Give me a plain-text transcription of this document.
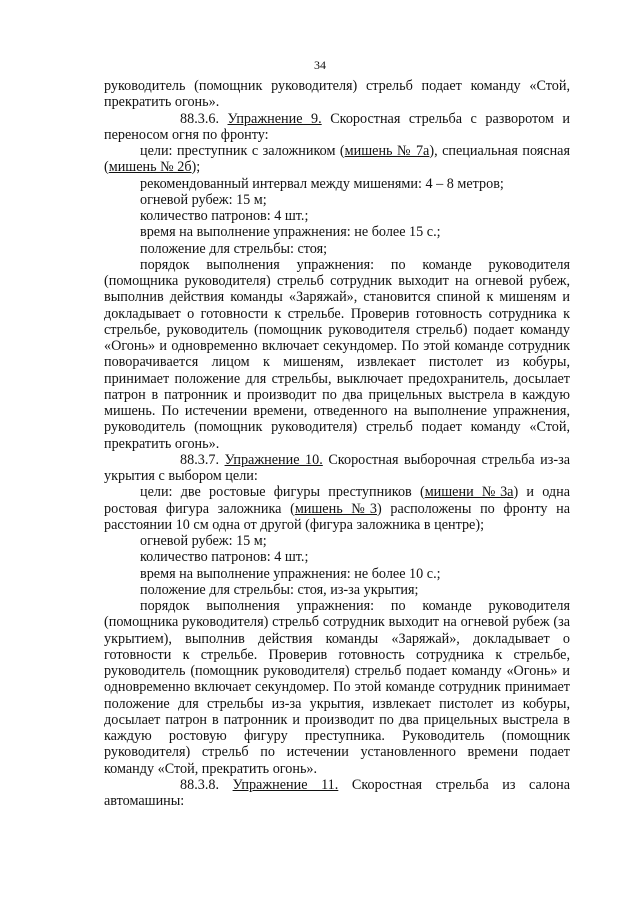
34

руководитель (помощник руководителя) стрельб подает команду «Стой, прекратить огонь».

88.3.6. Упражнение 9. Скоростная стрельба с разворотом и переносом огня по фронту:

цели: преступник с заложником (мишень № 7а), специальная поясная (мишень № 2б);

рекомендованный интервал между мишенями: 4 – 8 метров;

огневой рубеж: 15 м;

количество патронов: 4 шт.;

время на выполнение упражнения: не более 15 с.;

положение для стрельбы: стоя;

порядок выполнения упражнения: по команде руководителя (помощника руководителя) стрельб сотрудник выходит на огневой рубеж, выполнив действия команды «Заряжай», становится спиной к мишеням и докладывает о готовности к стрельбе. Проверив готовность сотрудника к стрельбе, руководитель (помощник руководителя стрельб) подает команду «Огонь» и одновременно включает секундомер. По этой команде сотрудник поворачивается лицом к мишеням, извлекает пистолет из кобуры, принимает положение для стрельбы, выключает предохранитель, досылает патрон в патронник и производит по два прицельных выстрела в каждую мишень. По истечении времени, отведенного на выполнение упражнения, руководитель (помощник руководителя) стрельб подает команду «Стой, прекратить огонь».

88.3.7. Упражнение 10. Скоростная выборочная стрельба из-за укрытия с выбором цели:

цели: две ростовые фигуры преступников (мишени №3а) и одна ростовая фигура заложника (мишень №3) расположены по фронту на расстоянии 10 см одна от другой (фигура заложника в центре);

огневой рубеж: 15 м;

количество патронов: 4 шт.;

время на выполнение упражнения: не более 10 с.;

положение для стрельбы: стоя, из-за укрытия;

порядок выполнения упражнения: по команде руководителя (помощника руководителя) стрельб сотрудник выходит на огневой рубеж (за укрытием), выполнив действия команды «Заряжай», докладывает о готовности к стрельбе. Проверив готовность сотрудника к стрельбе, руководитель (помощник руководителя) стрельб подает команду «Огонь» и одновременно включает секундомер. По этой команде сотрудник принимает положение для стрельбы из-за укрытия, извлекает пистолет из кобуры, досылает патрон в патронник и производит по два прицельных выстрела в каждую ростовую фигуру преступника. Руководитель (помощник руководителя) стрельб по истечении установленного времени подает команду «Стой, прекратить огонь».

88.3.8. Упражнение 11. Скоростная стрельба из салона автомашины:
